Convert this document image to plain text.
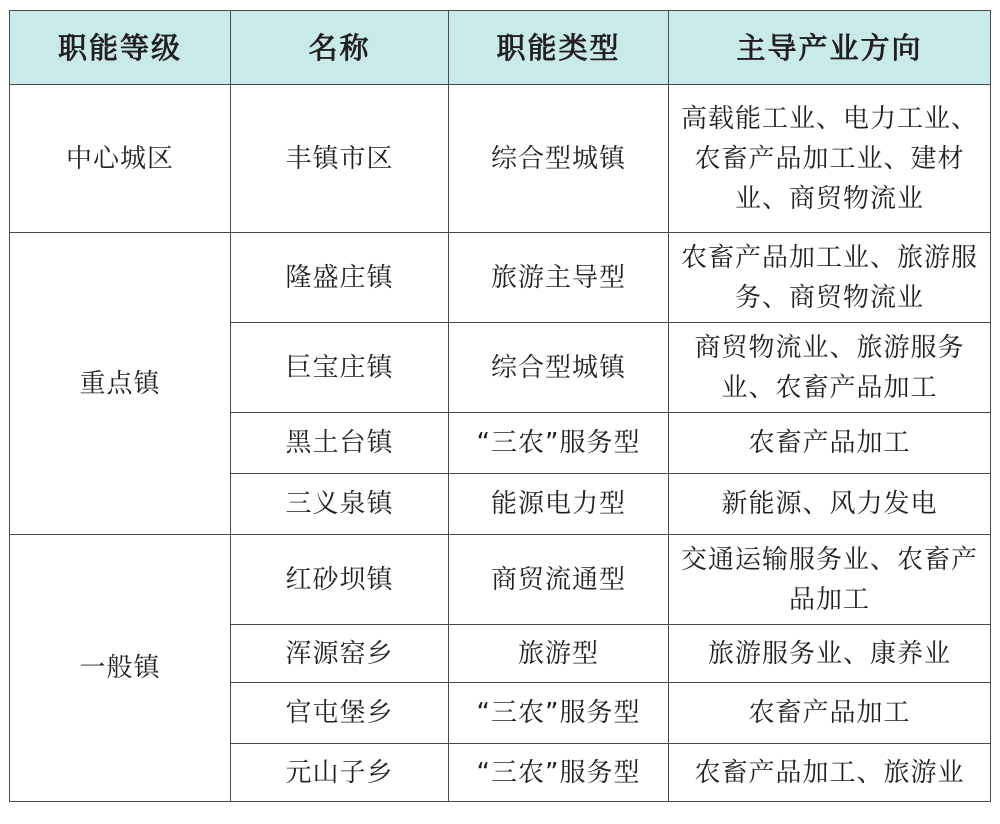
职能等级	名称	职能类型	主导产业方向
中心城区	丰镇市区	综合型城镇	高载能工业、电力工业、农畜产品加工业、建材业、商贸物流业
重点镇	隆盛庄镇	旅游主导型	农畜产品加工业、旅游服务、商贸物流业
	巨宝庄镇	综合型城镇	商贸物流业、旅游服务业、农畜产品加工
	黑土台镇	“三农”服务型	农畜产品加工
	三义泉镇	能源电力型	新能源、风力发电
一般镇	红砂坝镇	商贸流通型	交通运输服务业、农畜产品加工
	浑源窑乡	旅游型	旅游服务业、康养业
	官屯堡乡	“三农”服务型	农畜产品加工
	元山子乡	“三农”服务型	农畜产品加工、旅游业
